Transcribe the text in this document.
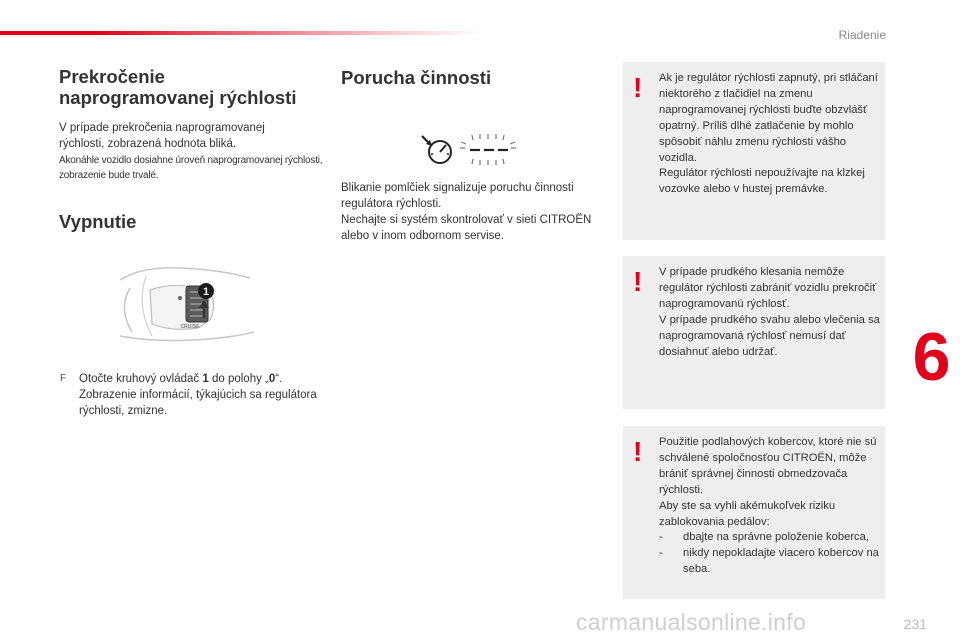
Riadenie
Prekročenie
naprogramovanej rýchlosti
V prípade prekročenia naprogramovanej rýchlosti, zobrazená hodnota bliká.
Akonáhle vozidlo dosiahne úroveň naprogramovanej rýchlosti, zobrazenie bude trvalé.
Vypnutie
1
CRUISE
F Otočte kruhový ovládač 1 do polohy „0“. Zobrazenie informácií, týkajúcich sa regulátora rýchlosti, zmizne.
Porucha činnosti
Blikanie pomlčiek signalizuje poruchu činnosti regulátora rýchlosti.
Nechajte si systém skontrolovať v sieti CITROËN alebo v inom odbornom servise.
! Ak je regulátor rýchlosti zapnutý, pri stláčaní niektorého z tlačidiel na zmenu naprogramovanej rýchlosti buďte obzvlášť opatrný. Príliš dlhé zatlačenie by mohlo spôsobiť náhlu zmenu rýchlosti vášho vozidla.

Regulátor rýchlosti nepoužívajte na klzkej vozovke alebo v hustej premávke.

! V prípade prudkého klesania nemôže regulátor rýchlosti zabrániť vozidlu prekročiť naprogramovanú rýchlosť.

V prípade prudkého svahu alebo vlečenia sa naprogramovaná rýchlosť nemusí dať dosiahnuť alebo udržať.

! Použitie podlahových kobercov, ktoré nie sú schválené spoločnosťou CITROËN, môže brániť správnej činnosti obmedzovača rýchlosti.

Aby ste sa vyhli akémukoľvek riziku zablokovania pedálov:

-	dbajte na správne položenie koberca,
-	nikdy nepokladajte viacero kobercov na seba.
6
carmanualsonline.info	231
